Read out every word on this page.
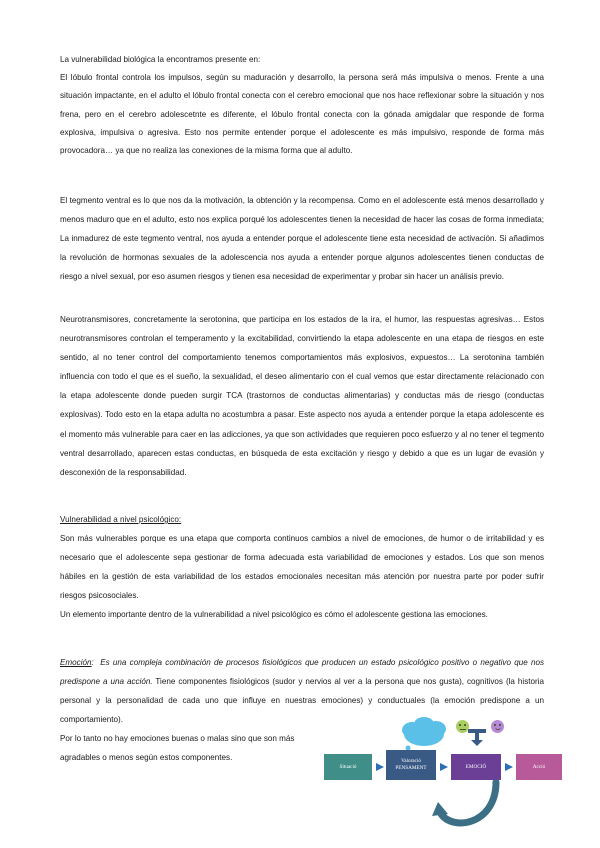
La vulnerabilidad biológica la encontramos presente en:

El lóbulo frontal controla los impulsos, según su maduración y desarrollo, la persona será más impulsiva o menos. Frente a una situación impactante, en el adulto el lóbulo frontal conecta con el cerebro emocional que nos hace reflexionar sobre la situación y nos frena, pero en el cerebro adolescetnte es diferente, el lóbulo frontal conecta con la gónada amigdalar que responde de forma explosiva, impulsiva o agresiva. Esto nos permite entender porque el adolescente es más impulsivo, responde de forma más provocadora… ya que no realiza las conexiones de la misma forma que al adulto.

El tegmento ventral es lo que nos da la motivación, la obtención y la recompensa. Como en el adolescente está menos desarrollado y menos maduro que en el adulto, esto nos explica porqué los adolescentes tienen la necesidad de hacer las cosas de forma inmediata; La inmadurez de este tegmento ventral, nos ayuda a entender porque el adolescente tiene esta necesidad de activación. Si añadimos la revolución de hormonas sexuales de la adolescencia nos ayuda a entender porque algunos adolescentes tienen conductas de riesgo a nivel sexual, por eso asumen riesgos y tienen esa necesidad de experimentar y probar sin hacer un análisis previo.

Neurotransmisores, concretamente la serotonina, que participa en los estados de la ira, el humor, las respuestas agresivas… Estos neurotransmisores controlan el temperamento y la excitabilidad, convirtiendo la etapa adolescente en una etapa de riesgos en este sentido, al no tener control del comportamiento tenemos comportamientos más explosivos, expuestos… La serotonina también influencia con todo el que es el sueño, la sexualidad, el deseo alimentario con el cual vemos que estar directamente relacionado con la etapa adolescente donde pueden surgir TCA (trastornos de conductas alimentarias) y conductas más de riesgo (conductas explosivas). Todo esto en la etapa adulta no acostumbra a pasar. Este aspecto nos ayuda a entender porque la etapa adolescente es el momento más vulnerable para caer en las adicciones, ya que son actividades que requieren poco esfuerzo y al no tener el tegmento ventral desarrollado, aparecen estas conductas, en búsqueda de esta excitación y riesgo y debido a que es un lugar de evasión y desconexión de la responsabilidad.

Vulnerabilidad a nivel psicológico:

Son más vulnerables porque es una etapa que comporta continuos cambios a nivel de emociones, de humor o de irritabilidad y es necesario que el adolescente sepa gestionar de forma adecuada esta variabilidad de emociones y estados. Los que son menos hábiles en la gestión de esta variabilidad de los estados emocionales necesitan más atención por nuestra parte por poder sufrir riesgos psicosociales.

Un elemento importante dentro de la vulnerabilidad a nivel psicológico es cómo el adolescente gestiona las emociones.

Emoción: Es una compleja combinación de procesos fisiológicos que producen un estado psicológico positivo o negativo que nos predispone a una acción. Tiene componentes fisiológicos (sudor y nervios al ver a la persona que nos gusta), cognitivos (la historia personal y la personalidad de cada uno que influye en nuestras emociones) y conductuales (la emoción predispone a un comportamiento).

Por lo tanto no hay emociones buenas o malas sino que son más agradables o menos según estos componentes.

Situació
Valoració
PENSAMENT	EMOCIÓ	Acció
